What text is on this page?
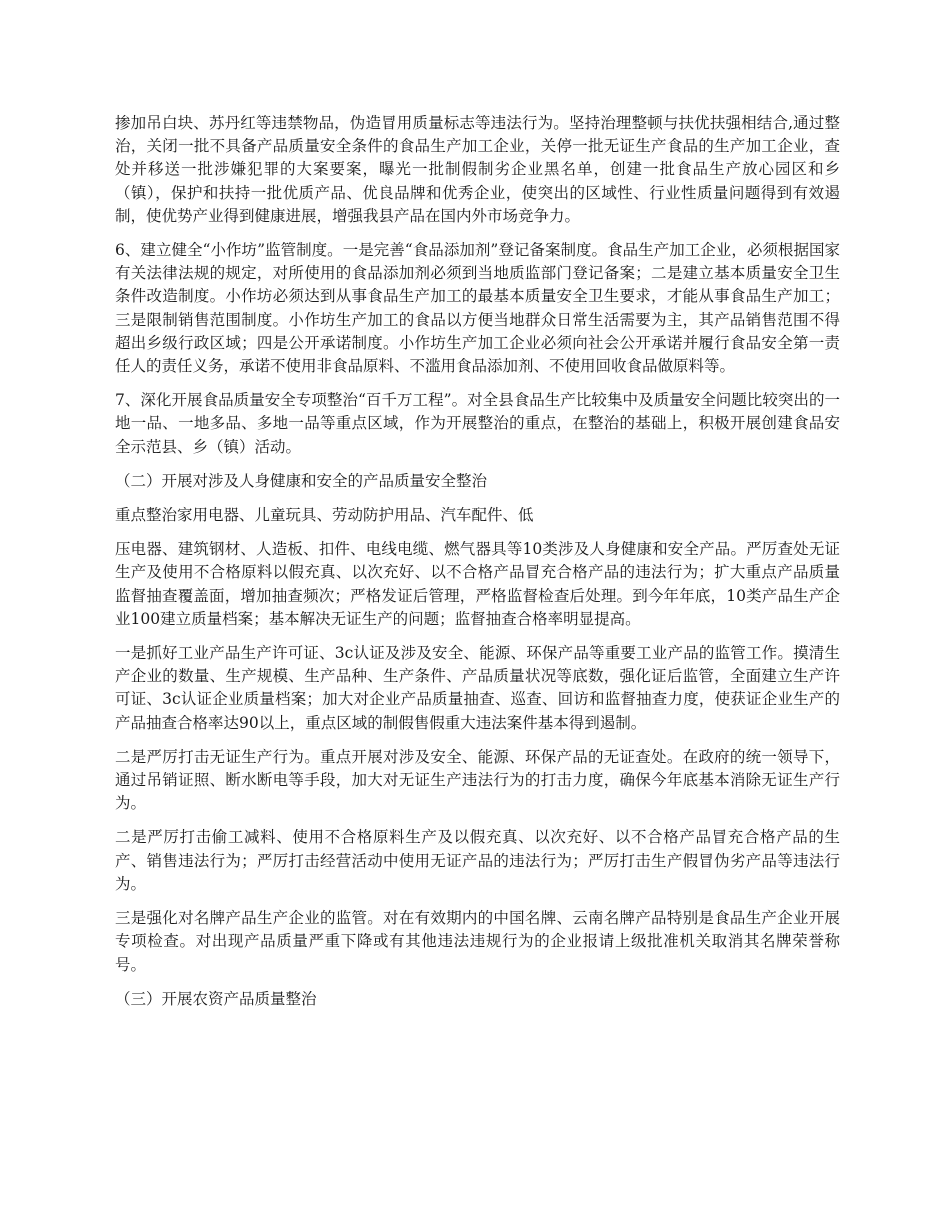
掺加吊白块、苏丹红等违禁物品，伪造冒用质量标志等违法行为。坚持治理整顿与扶优扶强相结合,通过整治，关闭一批不具备产品质量安全条件的食品生产加工企业，关停一批无证生产食品的生产加工企业，查处并移送一批涉嫌犯罪的大案要案，曝光一批制假制劣企业黑名单，创建一批食品生产放心园区和乡（镇），保护和扶持一批优质产品、优良品牌和优秀企业，使突出的区域性、行业性质量问题得到有效遏制，使优势产业得到健康进展，增强我县产品在国内外市场竞争力。

6、建立健全“小作坊”监管制度。一是完善“食品添加剂”登记备案制度。食品生产加工企业，必须根据国家有关法律法规的规定，对所使用的食品添加剂必须到当地质监部门登记备案；二是建立基本质量安全卫生条件改造制度。小作坊必须达到从事食品生产加工的最基本质量安全卫生要求，才能从事食品生产加工；三是限制销售范围制度。小作坊生产加工的食品以方便当地群众日常生活需要为主，其产品销售范围不得超出乡级行政区域；四是公开承诺制度。小作坊生产加工企业必须向社会公开承诺并履行食品安全第一责任人的责任义务，承诺不使用非食品原料、不滥用食品添加剂、不使用回收食品做原料等。

7、深化开展食品质量安全专项整治“百千万工程”。对全县食品生产比较集中及质量安全问题比较突出的一地一品、一地多品、多地一品等重点区域，作为开展整治的重点，在整治的基础上，积极开展创建食品安全示范县、乡（镇）活动。

（二）开展对涉及人身健康和安全的产品质量安全整治

重点整治家用电器、儿童玩具、劳动防护用品、汽车配件、低

压电器、建筑钢材、人造板、扣件、电线电缆、燃气器具等10类涉及人身健康和安全产品。严厉查处无证生产及使用不合格原料以假充真、以次充好、以不合格产品冒充合格产品的违法行为；扩大重点产品质量监督抽查覆盖面，增加抽查频次；严格发证后管理，严格监督检查后处理。到今年年底，10类产品生产企业100建立质量档案；基本解决无证生产的问题；监督抽查合格率明显提高。

一是抓好工业产品生产许可证、3c认证及涉及安全、能源、环保产品等重要工业产品的监管工作。摸清生产企业的数量、生产规模、生产品种、生产条件、产品质量状况等底数，强化证后监管，全面建立生产许可证、3c认证企业质量档案；加大对企业产品质量抽查、巡查、回访和监督抽查力度，使获证企业生产的产品抽查合格率达90以上，重点区域的制假售假重大违法案件基本得到遏制。

二是严厉打击无证生产行为。重点开展对涉及安全、能源、环保产品的无证查处。在政府的统一领导下，通过吊销证照、断水断电等手段，加大对无证生产违法行为的打击力度，确保今年底基本消除无证生产行为。

二是严厉打击偷工减料、使用不合格原料生产及以假充真、以次充好、以不合格产品冒充合格产品的生产、销售违法行为；严厉打击经营活动中使用无证产品的违法行为；严厉打击生产假冒伪劣产品等违法行为。

三是强化对名牌产品生产企业的监管。对在有效期内的中国名牌、云南名牌产品特别是食品生产企业开展专项检查。对出现产品质量严重下降或有其他违法违规行为的企业报请上级批准机关取消其名牌荣誉称号。

（三）开展农资产品质量整治
